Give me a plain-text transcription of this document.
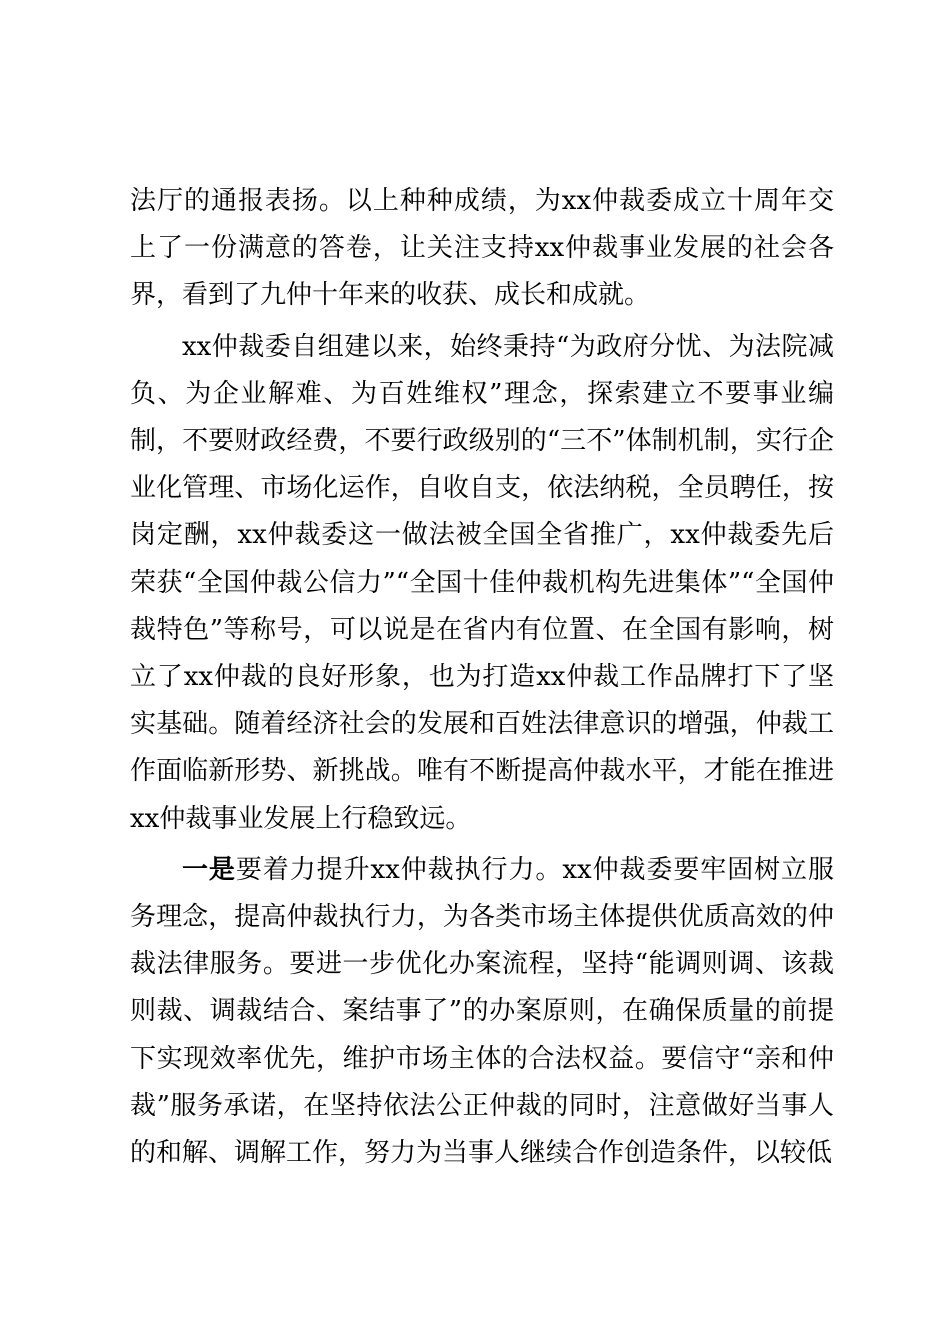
法厅的通报表扬。以上种种成绩，为xx仲裁委成立十周年交上了一份满意的答卷，让关注支持xx仲裁事业发展的社会各界，看到了九仲十年来的收获、成长和成就。

xx仲裁委自组建以来，始终秉持“为政府分忧、为法院减负、为企业解难、为百姓维权”理念，探索建立不要事业编制，不要财政经费，不要行政级别的“三不”体制机制，实行企业化管理、市场化运作，自收自支，依法纳税，全员聘任，按岗定酬，xx仲裁委这一做法被全国全省推广，xx仲裁委先后荣获“全国仲裁公信力”“全国十佳仲裁机构先进集体”“全国仲裁特色”等称号，可以说是在省内有位置、在全国有影响，树立了xx仲裁的良好形象，也为打造xx仲裁工作品牌打下了坚实基础。随着经济社会的发展和百姓法律意识的增强，仲裁工作面临新形势、新挑战。唯有不断提高仲裁水平，才能在推进xx仲裁事业发展上行稳致远。

一是要着力提升xx仲裁执行力。xx仲裁委要牢固树立服务理念，提高仲裁执行力，为各类市场主体提供优质高效的仲裁法律服务。要进一步优化办案流程，坚持“能调则调、该裁则裁、调裁结合、案结事了”的办案原则，在确保质量的前提下实现效率优先，维护市场主体的合法权益。要信守“亲和仲裁”服务承诺，在坚持依法公正仲裁的同时，注意做好当事人的和解、调解工作，努力为当事人继续合作创造条件，以较低
